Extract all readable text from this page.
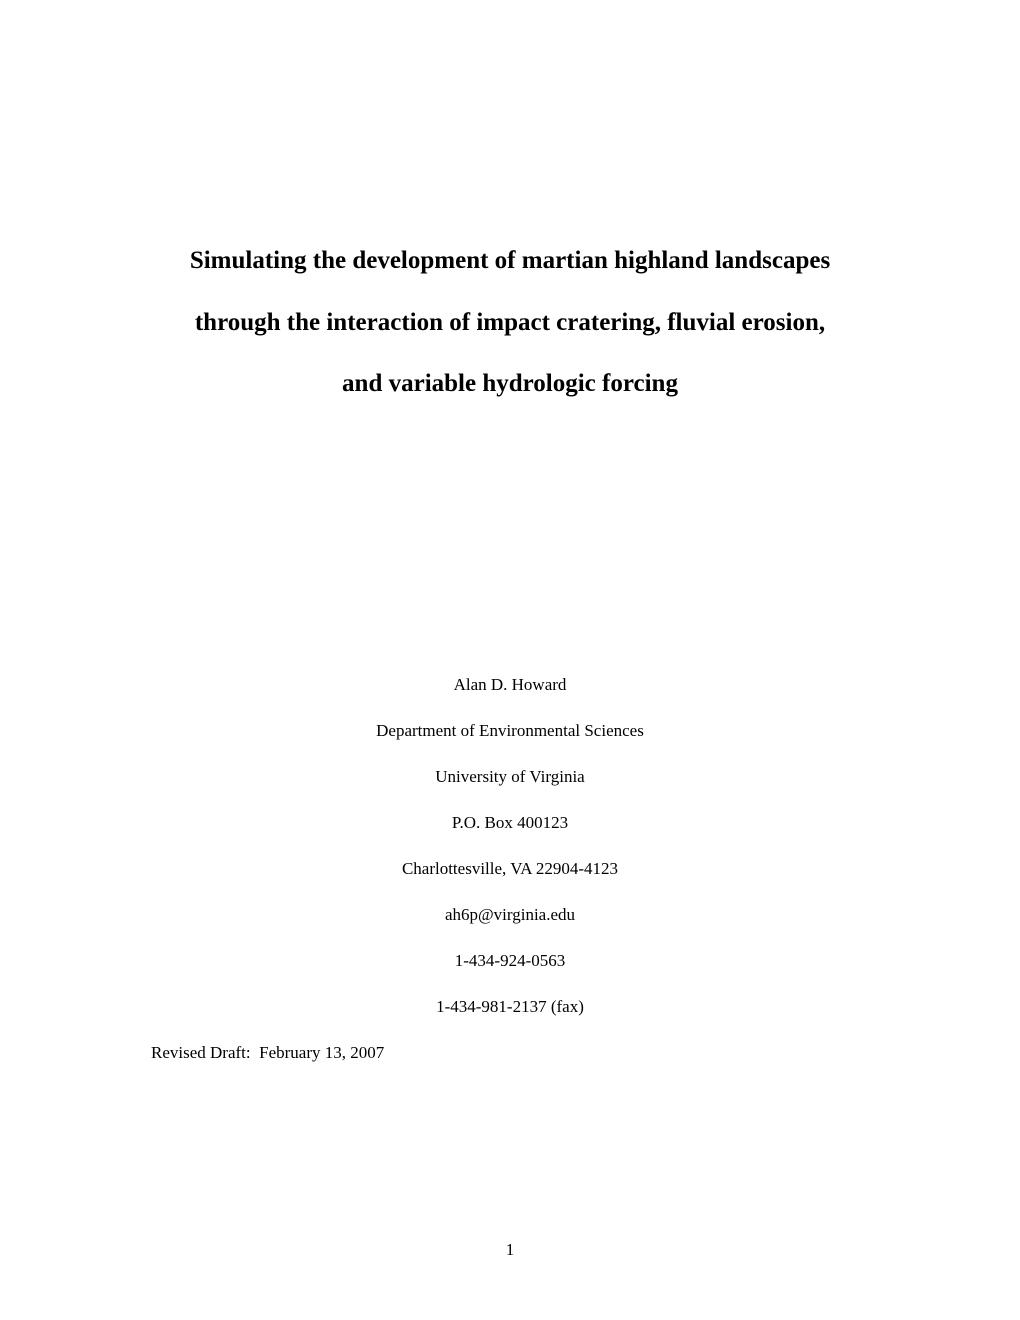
Simulating the development of martian highland landscapes
through the interaction of impact cratering, fluvial erosion,
and variable hydrologic forcing
Alan D. Howard
Department of Environmental Sciences
University of Virginia
P.O. Box 400123
Charlottesville, VA 22904-4123
ah6p@virginia.edu
1-434-924-0563
1-434-981-2137 (fax)
Revised Draft:  February 13, 2007
1
